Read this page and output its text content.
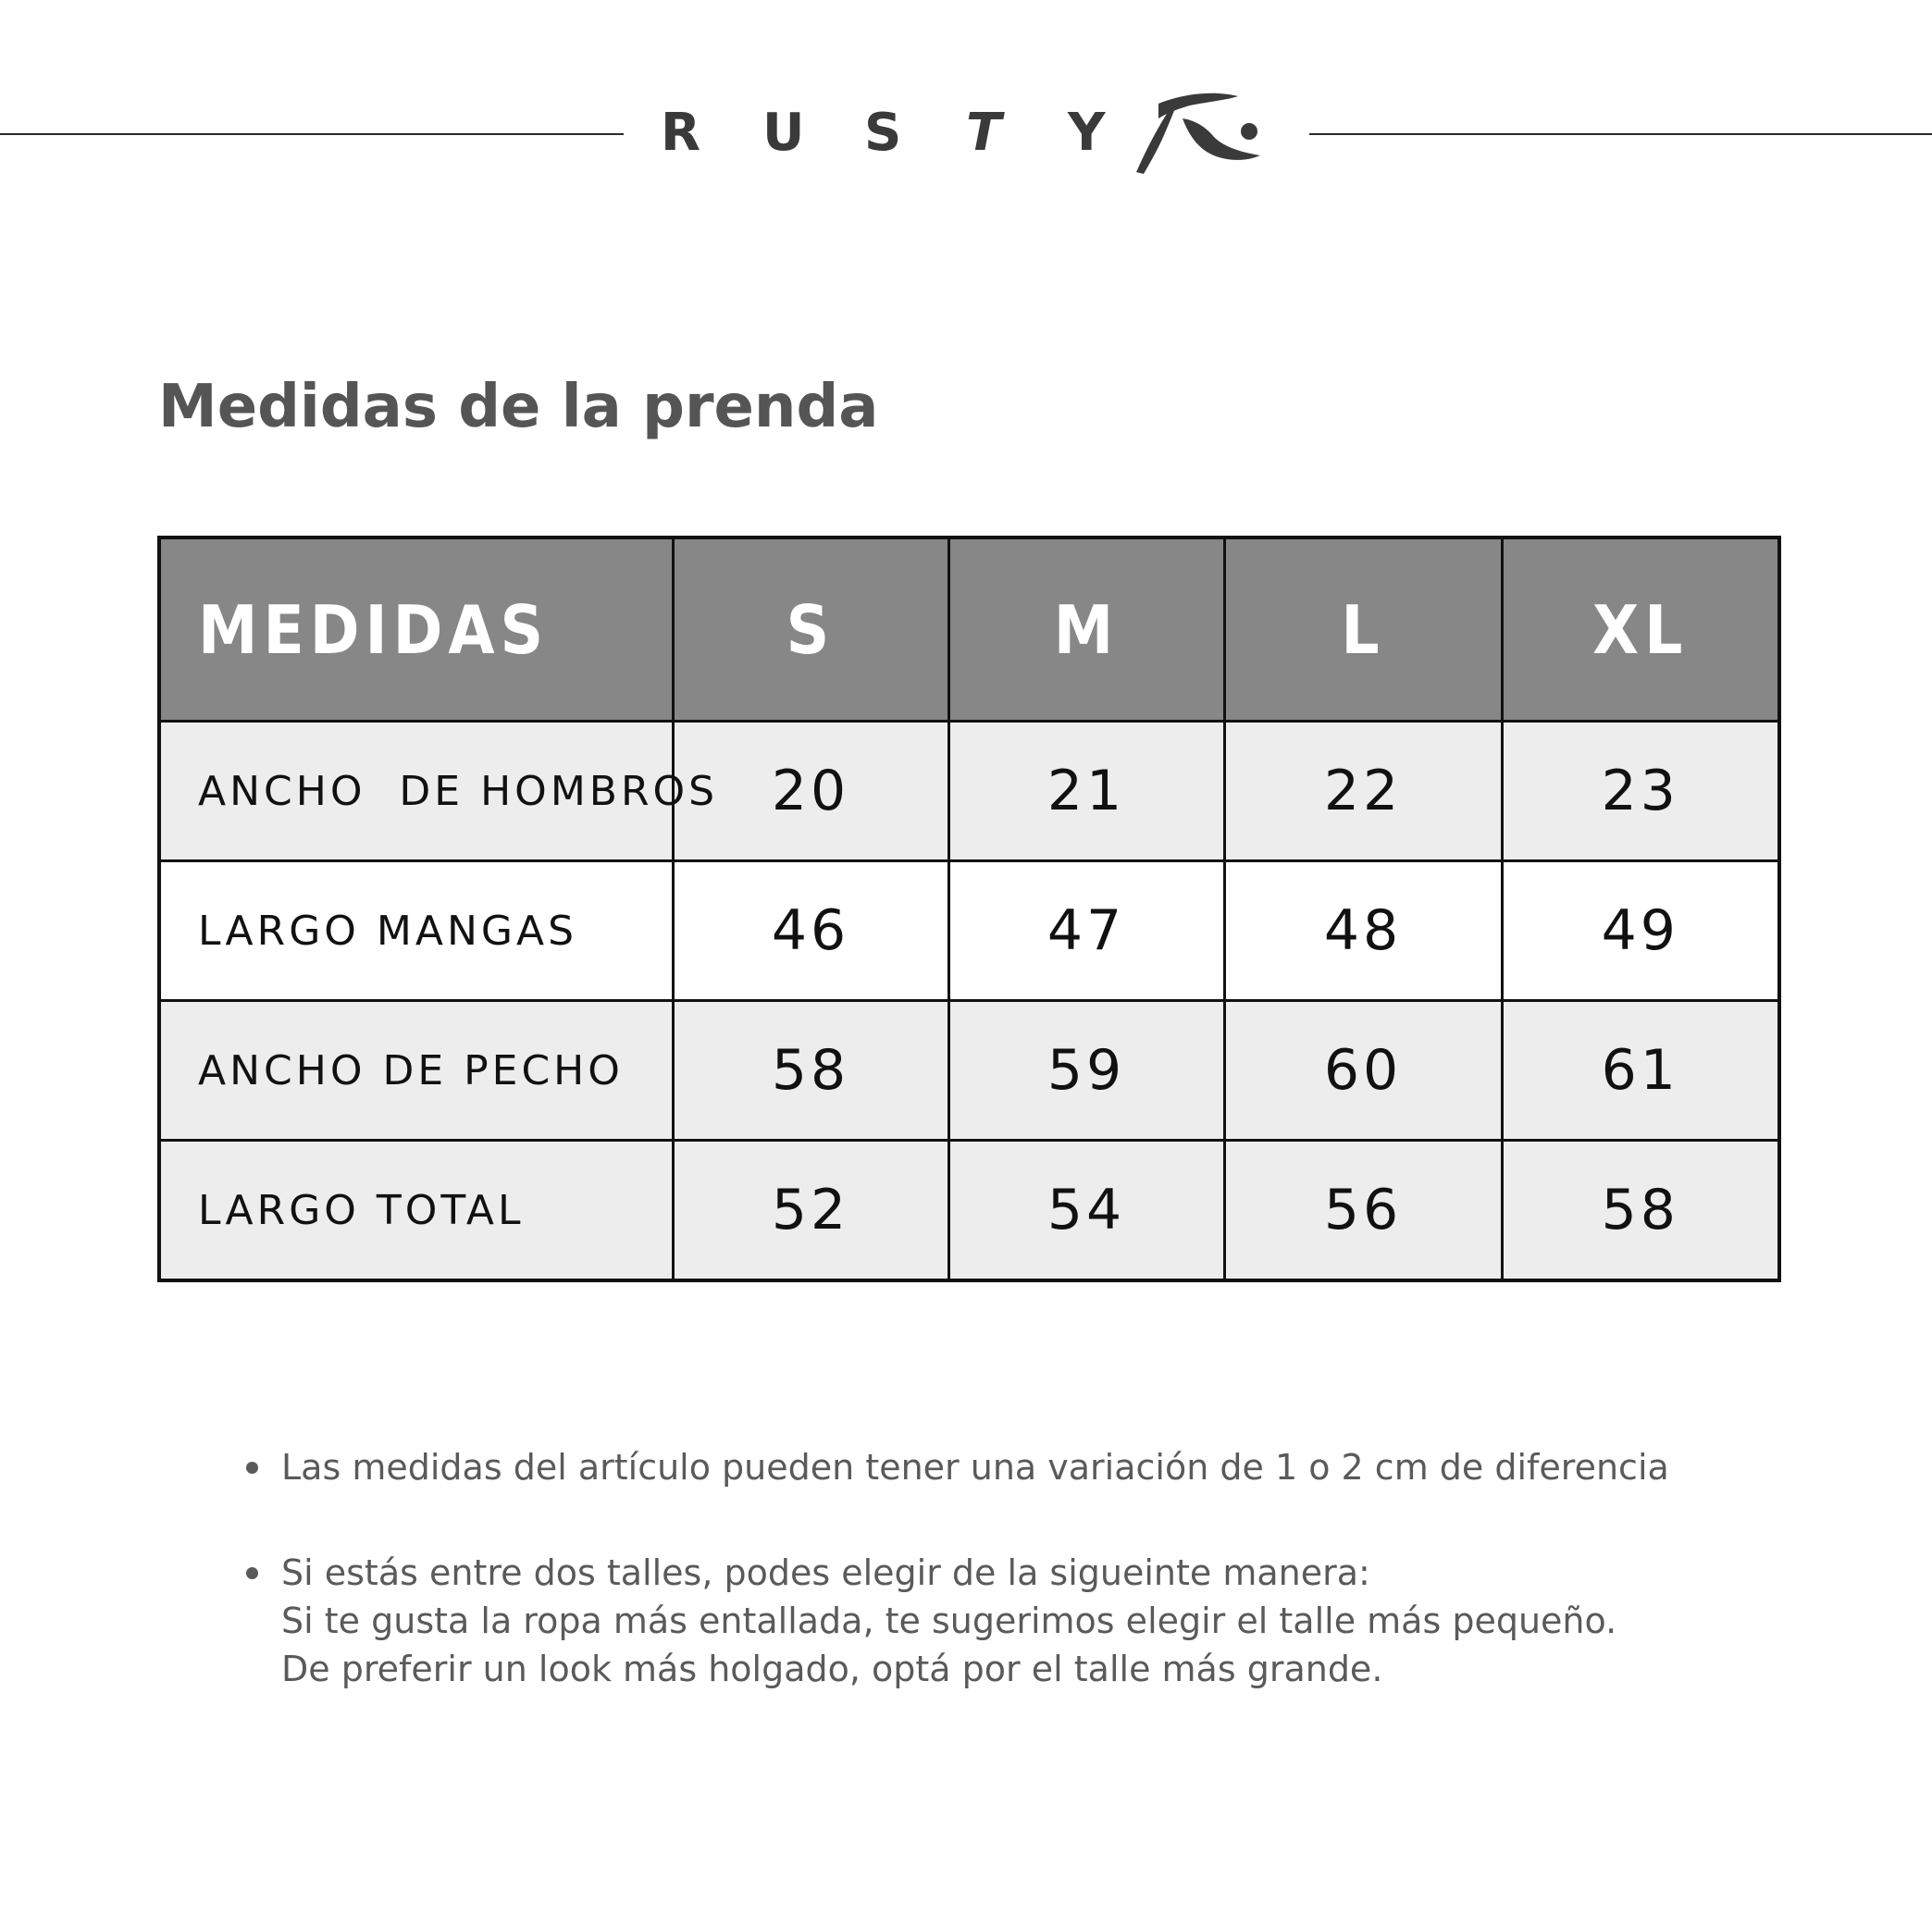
R	U	S	T	Y
Medidas de la prenda
MEDIDAS	S	M	L	XL
ANCHO  DE HOMBROS	20	21	22	23
LARGO MANGAS	46	47	48	49
ANCHO DE PECHO	58	59	60	61
LARGO TOTAL	52	54	56	58
Las medidas del artículo pueden tener una variación de 1 o 2 cm de diferencia
Si estás entre dos talles, podes elegir de la sigueinte manera:
Si te gusta la ropa más entallada, te sugerimos elegir el talle más pequeño.
De preferir un look más holgado, optá por el talle más grande.
